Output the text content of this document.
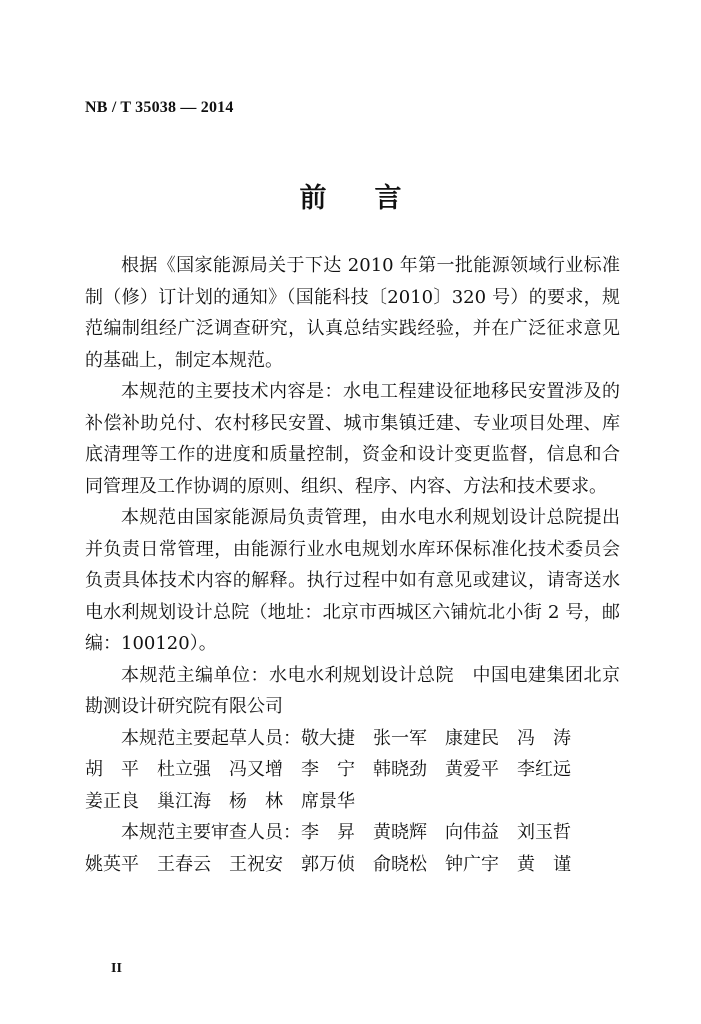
NB / T 35038 — 2014
前 言

根据《国家能源局关于下达 2010 年第一批能源领域行业标准制（修）订计划的通知》（国能科技〔2010〕320 号）的要求，规范编制组经广泛调查研究，认真总结实践经验，并在广泛征求意见的基础上，制定本规范。

本规范的主要技术内容是：水电工程建设征地移民安置涉及的补偿补助兑付、农村移民安置、城市集镇迁建、专业项目处理、库底清理等工作的进度和质量控制，资金和设计变更监督，信息和合同管理及工作协调的原则、组织、程序、内容、方法和技术要求。

本规范由国家能源局负责管理，由水电水利规划设计总院提出并负责日常管理，由能源行业水电规划水库环保标准化技术委员会负责具体技术内容的解释。执行过程中如有意见或建议，请寄送水电水利规划设计总院（地址：北京市西城区六铺炕北小街 2 号，邮编：100120）。

本规范主编单位：水电水利规划设计总院　中国电建集团北京勘测设计研究院有限公司

本规范主要起草人员：敬大捷　张一军　康建民　冯　涛

胡　平　杜立强　冯又增　李　宁　韩晓劲　黄爱平　李红远

姜正良　巢江海　杨　林　席景华

本规范主要审查人员：李　昇　黄晓辉　向伟益　刘玉哲

姚英平　王春云　王祝安　郭万侦　俞晓松　钟广宇　黄　谨

II
